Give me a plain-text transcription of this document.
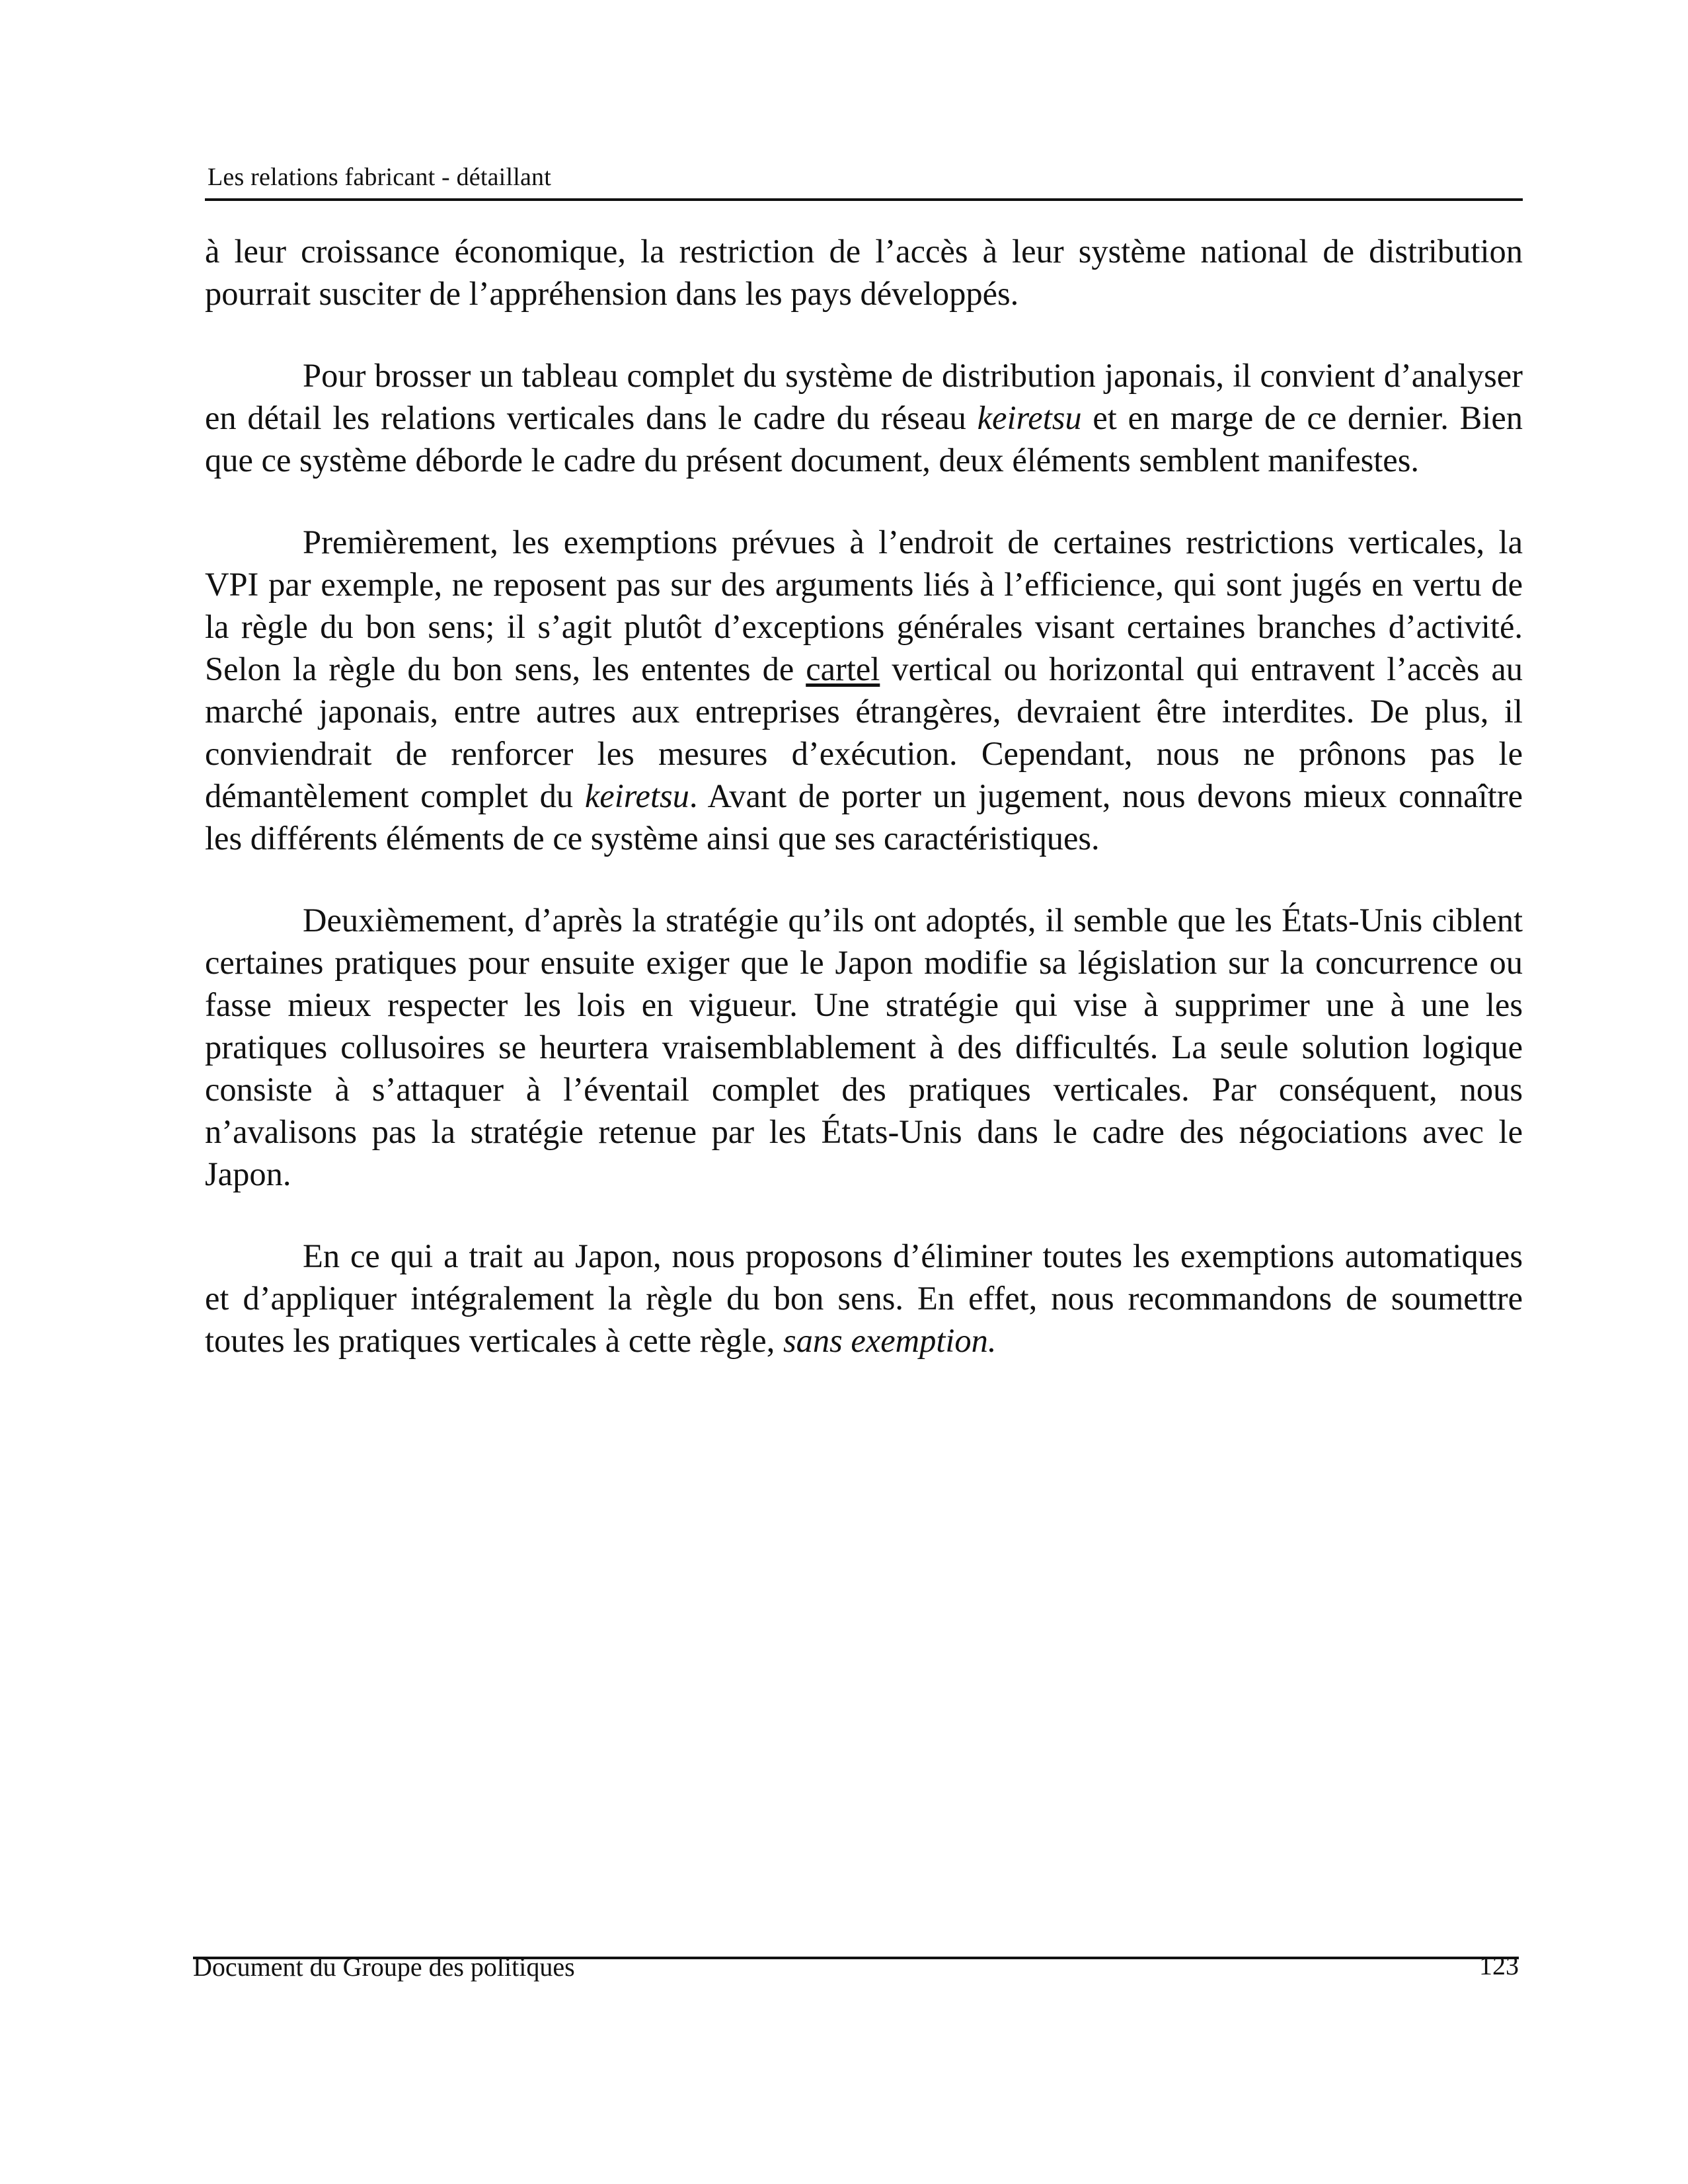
Les relations fabricant - détaillant

à leur croissance économique, la restriction de l’accès à leur système national de distribution pourrait susciter de l’appréhension dans les pays développés.

Pour brosser un tableau complet du système de distribution japonais, il convient d’analyser en détail les relations verticales dans le cadre du réseau keiretsu et en marge de ce dernier. Bien que ce système déborde le cadre du présent document, deux éléments semblent manifestes.

Premièrement, les exemptions prévues à l’endroit de certaines restrictions verticales, la VPI par exemple, ne reposent pas sur des arguments liés à l’efficience, qui sont jugés en vertu de la règle du bon sens; il s’agit plutôt d’exceptions générales visant certaines branches d’activité. Selon la règle du bon sens, les ententes de cartel vertical ou horizontal qui entravent l’accès au marché japonais, entre autres aux entreprises étrangères, devraient être interdites. De plus, il conviendrait de renforcer les mesures d’exécution. Cependant, nous ne prônons pas le démantèlement complet du keiretsu. Avant de porter un jugement, nous devons mieux connaître les différents éléments de ce système ainsi que ses caractéristiques.

Deuxièmement, d’après la stratégie qu’ils ont adoptés, il semble que les États-Unis ciblent certaines pratiques pour ensuite exiger que le Japon modifie sa législation sur la concurrence ou fasse mieux respecter les lois en vigueur. Une stratégie qui vise à supprimer une à une les pratiques collusoires se heurtera vraisemblablement à des difficultés. La seule solution logique consiste à s’attaquer à l’éventail complet des pratiques verticales. Par conséquent, nous n’avalisons pas la stratégie retenue par les États-Unis dans le cadre des négociations avec le Japon.

En ce qui a trait au Japon, nous proposons d’éliminer toutes les exemptions automatiques et d’appliquer intégralement la règle du bon sens. En effet, nous recommandons de soumettre toutes les pratiques verticales à cette règle, sans exemption.

Document du Groupe des politiques	123
